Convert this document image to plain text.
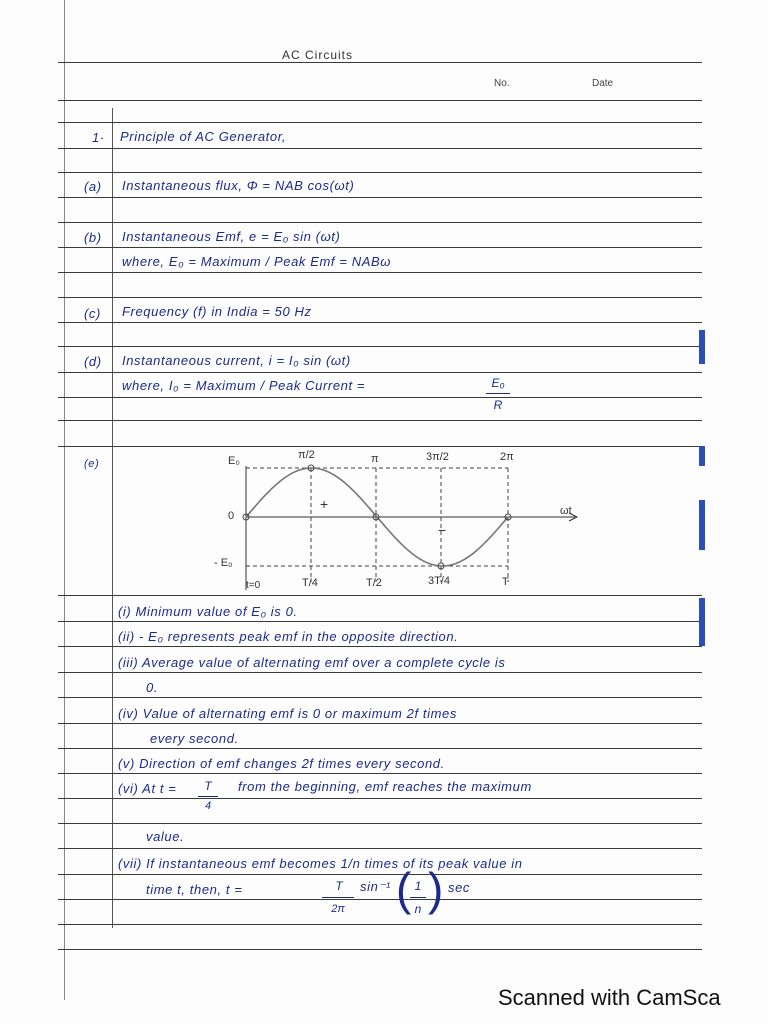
AC Circuits
No.	Date
1· Principle of AC Generator,
(a) Instantaneous flux, Φ = NAB cos(ωt)
(b) Instantaneous Emf, e = E₀ sin (ωt)
where, E₀ = Maximum / Peak Emf = NABω
(c) Frequency (f) in India = 50 Hz
(d) Instantaneous current, i = I₀ sin (ωt)
where, I₀ = Maximum / Peak Current =	E₀
R
(e)	E₀
0
- E₀
ωt
π/2	π	3π/2	2π
+
−
t=0	T/4	T/2	3T/4	T
(i) Minimum value of E₀ is 0.
(ii) - E₀ represents peak emf in the opposite direction.
(iii) Average value of alternating emf over a complete cycle is
0.
(iv) Value of alternating emf is 0 or maximum 2f times
every second.
(v) Direction of emf changes 2f times every second.
(vi) At t =	T
4
from the beginning, emf reaches the maximum
value.
(vii) If instantaneous emf becomes 1/n times of its peak value in
time t, then, t =	T
2π
sin⁻¹ ( 1
n ) sec
Scanned with CamSca
